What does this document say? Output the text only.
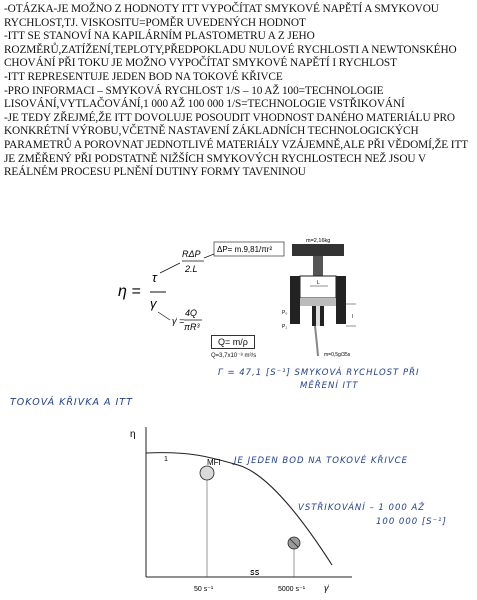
-OTÁZKA-JE MOŽNO Z HODNOTY ITT VYPOČÍTAT SMYKOVÉ NAPĚTÍ A SMYKOVOU RYCHLOST,TJ. VISKOSITU=POMĚR UVEDENÝCH HODNOT

-ITT SE STANOVÍ NA KAPILÁRNÍM PLASTOMETRU A Z JEHO ROZMĚRŮ,ZATÍŽENÍ,TEPLOTY,PŘEDPOKLADU NULOVÉ RYCHLOSTI A NEWTONSKÉHO CHOVÁNÍ PŘI TOKU JE MOŽNO VYPOČÍTAT SMYKOVÉ NAPĚTÍ I RYCHLOST

-ITT REPRESENTUJE JEDEN BOD NA TOKOVÉ KŘIVCE

-PRO INFORMACI – SMYKOVÁ RYCHLOST 1/S – 10 AŽ 100=TECHNOLOGIE LISOVÁNÍ,VYTLAČOVÁNÍ,1 000 AŽ 100 000 1/S=TECHNOLOGIE VSTŘIKOVÁNÍ

-JE TEDY ZŘEJMÉ,ŽE ITT DOVOLUJE POSOUDIT VHODNOST DANÉHO MATERIÁLU PRO KONKRÉTNÍ VÝROBU,VČETNĚ NASTAVENÍ ZÁKLADNÍCH TECHNOLOGICKÝCH PARAMETRŮ A POROVNAT JEDNOTLIVÉ MATERIÁLY VZÁJEMNĚ,ALE PŘI VĚDOMÍ,ŽE ITT JE ZMĚŘENÝ PŘI PODSTATNĚ NIŽŠÍCH SMYKOVÝCH RYCHLOSTECH NEŽ JSOU V REÁLNÉM PROCESU PLNĚNÍ DUTINY FORMY TAVENINOU

η =
τ
γ
RΔP
2.L
ΔP= m.9,81/πr²
4Q
γ̇ =
πR³
m=2,16kg
L
P₀
P₁
l
m=0,5g/35s
Q= m/ρ
Q=3,7x10⁻⁸ m³/s
Γ = 47,1 [S⁻¹] SMYKOVÁ RYCHLOST PŘI
MĚŘENÍ ITT
TOKOVÁ KŘIVKA A ITT
JE JEDEN BOD NA TOKOVÉ KŘIVCE
VSTŘIKOVÁNÍ – 1 000 AŽ
100 000 [S⁻¹]
η
1	MFI
50 s⁻¹	5000 s⁻¹
ꜱꜱ
γ̇
